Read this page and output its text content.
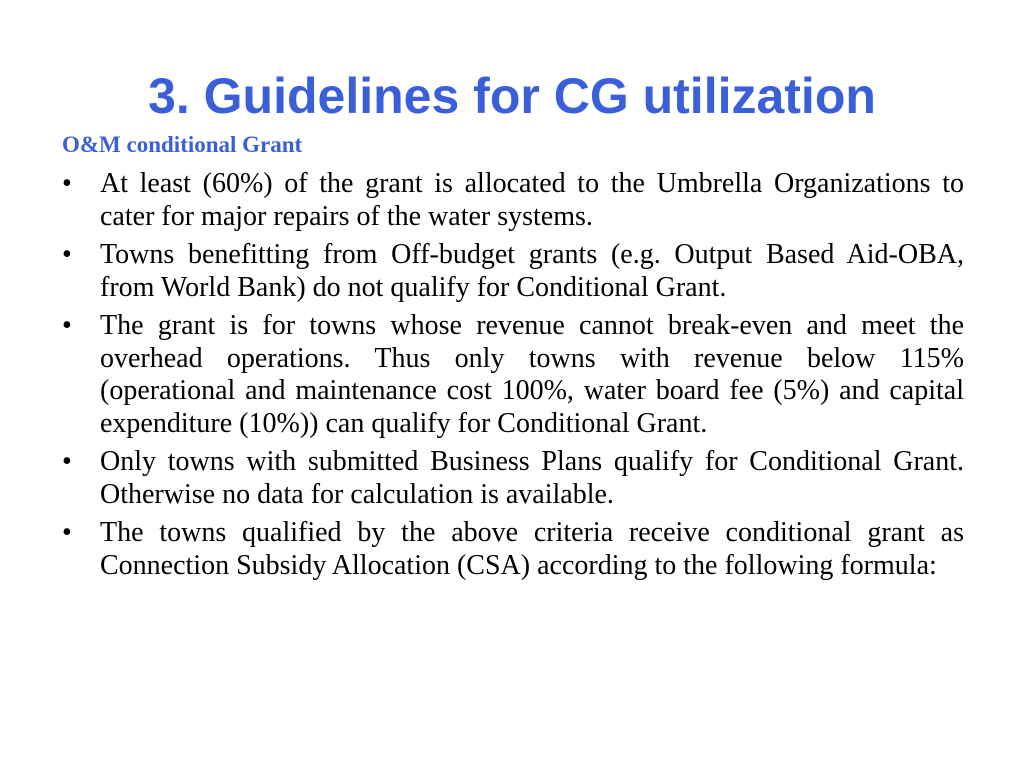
3. Guidelines for CG utilization
O&M conditional Grant
•	At least (60%) of the grant is allocated to the Umbrella Organizations to cater for major repairs of the water systems.
•	Towns benefitting from Off-budget grants (e.g. Output Based Aid-OBA, from World Bank) do not qualify for Conditional Grant.
•	The grant is for towns whose revenue cannot break-even and meet the overhead operations. Thus only towns with revenue below 115% (operational and maintenance cost 100%, water board fee (5%) and capital expenditure (10%)) can qualify for Conditional Grant.
•	Only towns with submitted Business Plans qualify for Conditional Grant. Otherwise no data for calculation is available.
•	The towns qualified by the above criteria receive conditional grant as Connection Subsidy Allocation (CSA) according to the following formula:
